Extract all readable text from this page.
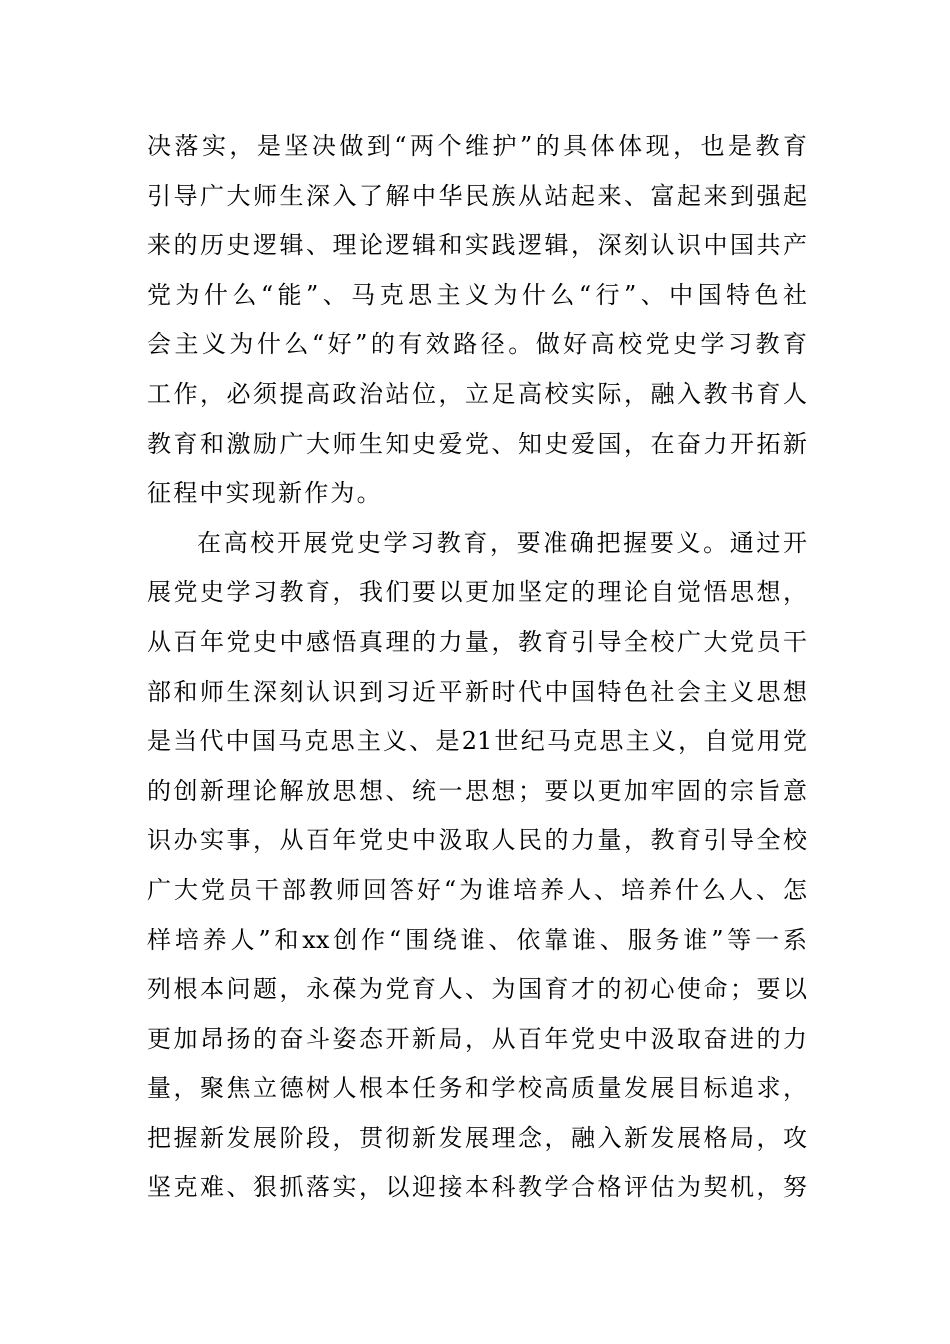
决落实，是坚决做到“两个维护”的具体体现，也是教育
引导广大师生深入了解中华民族从站起来、富起来到强起
来的历史逻辑、理论逻辑和实践逻辑，深刻认识中国共产
党为什么“能”、马克思主义为什么“行”、中国特色社
会主义为什么“好”的有效路径。做好高校党史学习教育
工作，必须提高政治站位，立足高校实际，融入教书育人
教育和激励广大师生知史爱党、知史爱国，在奋力开拓新
征程中实现新作为。
在高校开展党史学习教育，要准确把握要义。通过开
展党史学习教育，我们要以更加坚定的理论自觉悟思想，
从百年党史中感悟真理的力量，教育引导全校广大党员干
部和师生深刻认识到习近平新时代中国特色社会主义思想
是当代中国马克思主义、是21世纪马克思主义，自觉用党
的创新理论解放思想、统一思想；要以更加牢固的宗旨意
识办实事，从百年党史中汲取人民的力量，教育引导全校
广大党员干部教师回答好“为谁培养人、培养什么人、怎
样培养人”和xx创作“围绕谁、依靠谁、服务谁”等一系
列根本问题，永葆为党育人、为国育才的初心使命；要以
更加昂扬的奋斗姿态开新局，从百年党史中汲取奋进的力
量，聚焦立德树人根本任务和学校高质量发展目标追求，
把握新发展阶段，贯彻新发展理念，融入新发展格局，攻
坚克难、狠抓落实，以迎接本科教学合格评估为契机，努
